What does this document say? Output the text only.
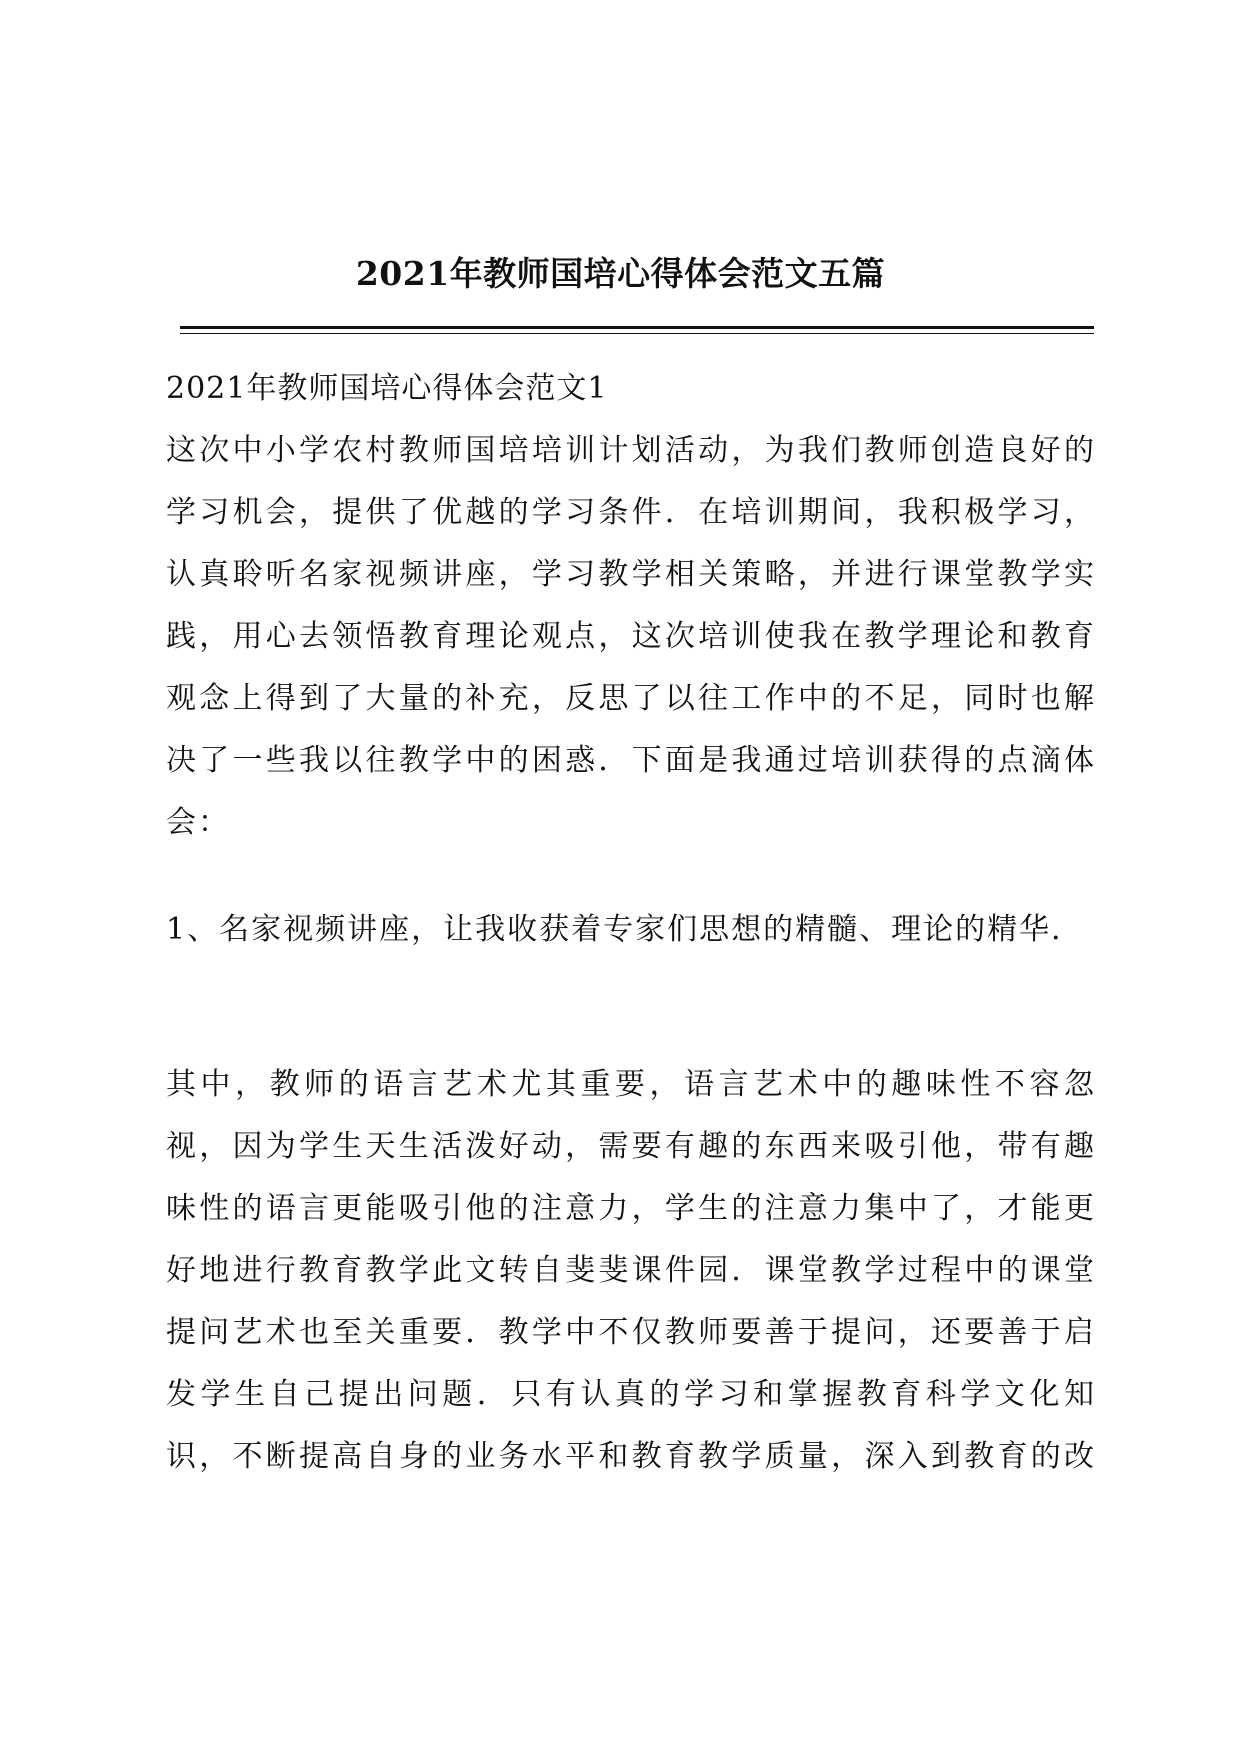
2021年教师国培心得体会范文五篇

2021年教师国培心得体会范文1

这次中小学农村教师国培培训计划活动，为我们教师创造良好的
学习机会，提供了优越的学习条件．在培训期间，我积极学习，
认真聆听名家视频讲座，学习教学相关策略，并进行课堂教学实
践，用心去领悟教育理论观点，这次培训使我在教学理论和教育
观念上得到了大量的补充，反思了以往工作中的不足，同时也解
决了一些我以往教学中的困惑．下面是我通过培训获得的点滴体
会：

1、名家视频讲座，让我收获着专家们思想的精髓、理论的精华．

其中，教师的语言艺术尤其重要，语言艺术中的趣味性不容忽
视，因为学生天生活泼好动，需要有趣的东西来吸引他，带有趣
味性的语言更能吸引他的注意力，学生的注意力集中了，才能更
好地进行教育教学此文转自斐斐课件园．课堂教学过程中的课堂
提问艺术也至关重要．教学中不仅教师要善于提问，还要善于启
发学生自己提出问题．只有认真的学习和掌握教育科学文化知
识，不断提高自身的业务水平和教育教学质量，深入到教育的改
